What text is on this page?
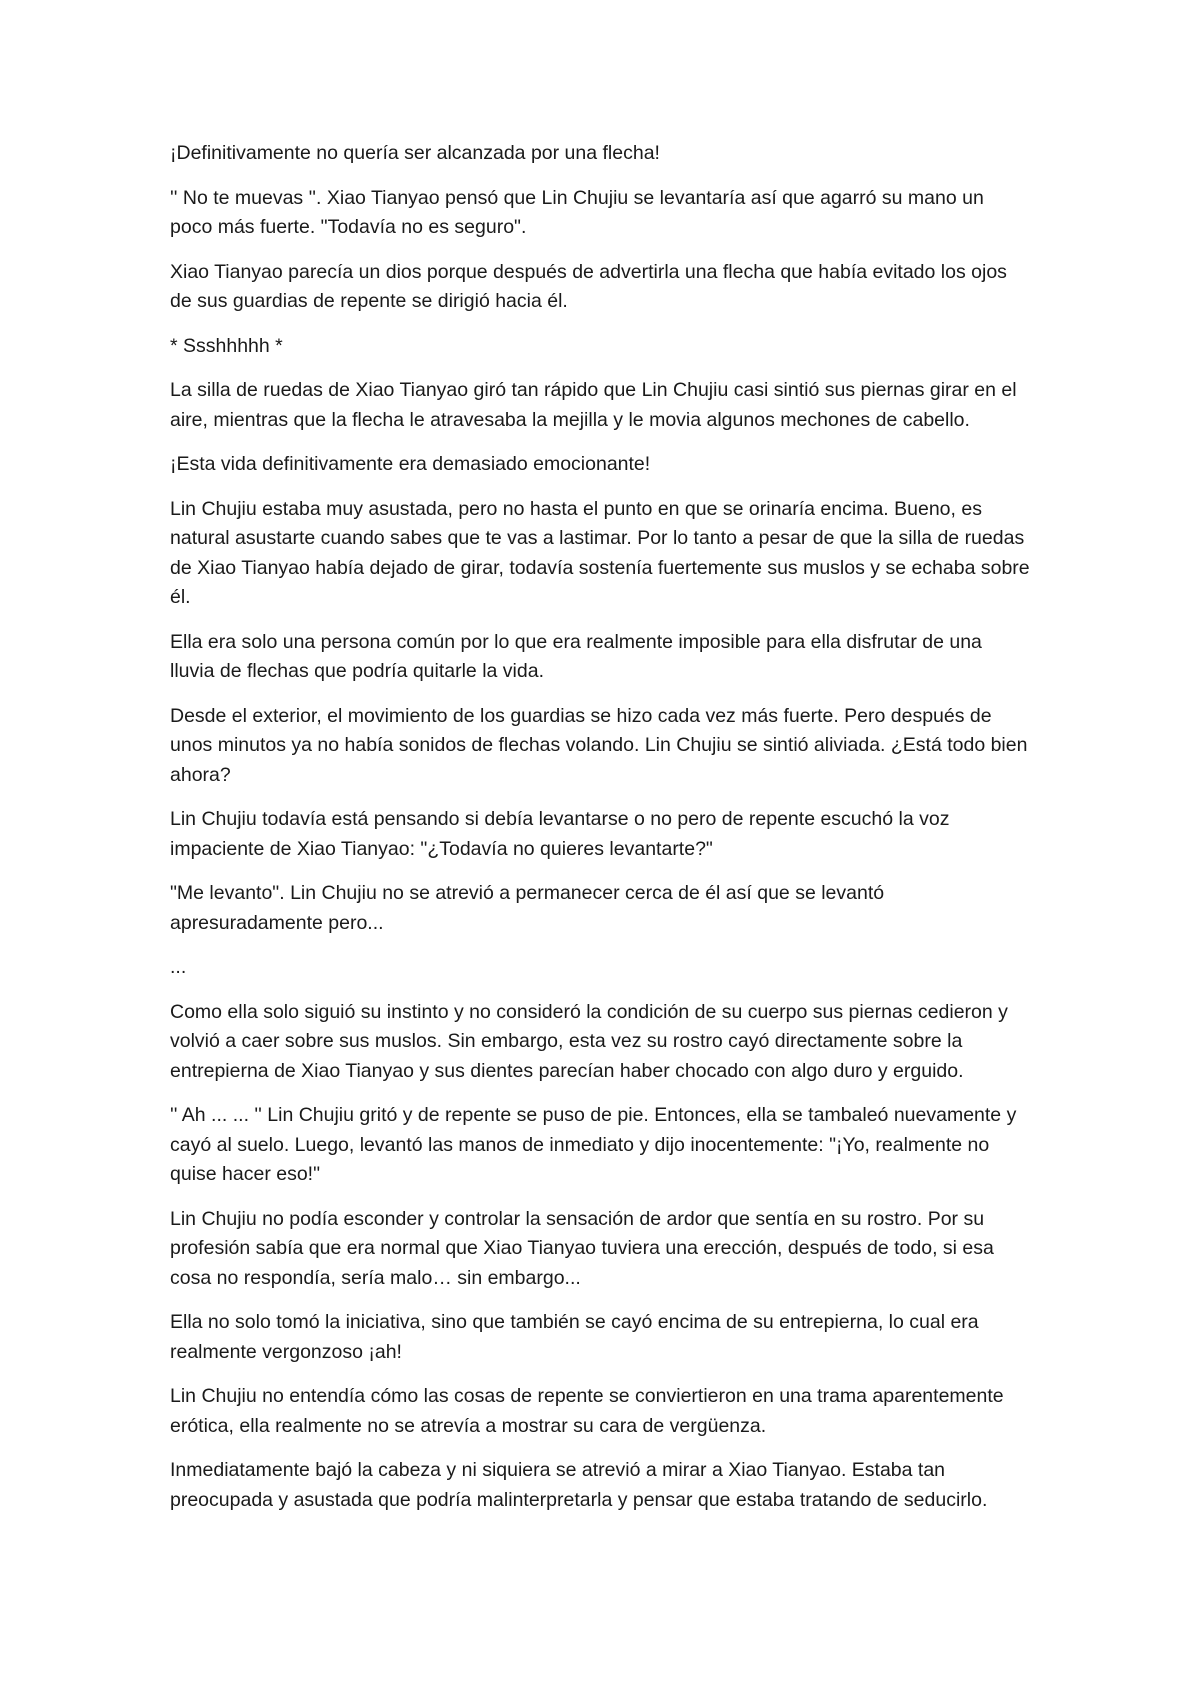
¡Definitivamente no quería ser alcanzada por una flecha!

'' No te muevas ''. Xiao Tianyao pensó que Lin Chujiu se levantaría así que agarró su mano un poco más fuerte. "Todavía no es seguro".

Xiao Tianyao parecía un dios porque después de advertirla una flecha que había evitado los ojos de sus guardias de repente se dirigió hacia él.

* Ssshhhhh *

La silla de ruedas de Xiao Tianyao giró tan rápido que Lin Chujiu casi sintió sus piernas girar en el aire, mientras que la flecha le atravesaba la mejilla y le movia algunos mechones de cabello.

¡Esta vida definitivamente era demasiado emocionante!

Lin Chujiu estaba muy asustada, pero no hasta el punto en que se orinaría encima. Bueno, es natural asustarte cuando sabes que te vas a lastimar. Por lo tanto a pesar de que la silla de ruedas de Xiao Tianyao había dejado de girar, todavía sostenía fuertemente sus muslos y se echaba sobre él.

Ella era solo una persona común por lo que era realmente imposible para ella disfrutar de una lluvia de flechas que podría quitarle la vida.

Desde el exterior, el movimiento de los guardias se hizo cada vez más fuerte. Pero después de unos minutos ya no había sonidos de flechas volando. Lin Chujiu se sintió aliviada. ¿Está todo bien ahora?

Lin Chujiu todavía está pensando si debía levantarse o no pero de repente escuchó la voz impaciente de Xiao Tianyao: "¿Todavía no quieres levantarte?"

"Me levanto". Lin Chujiu no se atrevió a permanecer cerca de él así que se levantó apresuradamente pero...

...

Como ella solo siguió su instinto y no consideró la condición de su cuerpo sus piernas cedieron y volvió a caer sobre sus muslos. Sin embargo, esta vez su rostro cayó directamente sobre la entrepierna de Xiao Tianyao y sus dientes parecían haber chocado con algo duro y erguido.

'' Ah ... ... '' Lin Chujiu gritó y de repente se puso de pie. Entonces, ella se tambaleó nuevamente y cayó al suelo. Luego, levantó las manos de inmediato y dijo inocentemente: "¡Yo, realmente no quise hacer eso!"

Lin Chujiu no podía esconder y controlar la sensación de ardor que sentía en su rostro. Por su profesión sabía que era normal que Xiao Tianyao tuviera una erección, después de todo, si esa cosa no respondía, sería malo… sin embargo...

Ella no solo tomó la iniciativa, sino que también se cayó encima de su entrepierna, lo cual era realmente vergonzoso ¡ah!

Lin Chujiu no entendía cómo las cosas de repente se conviertieron en una trama aparentemente erótica, ella realmente no se atrevía a mostrar su cara de vergüenza.

Inmediatamente bajó la cabeza y ni siquiera se atrevió a mirar a Xiao Tianyao. Estaba tan preocupada y asustada que podría malinterpretarla y pensar que estaba tratando de seducirlo.
